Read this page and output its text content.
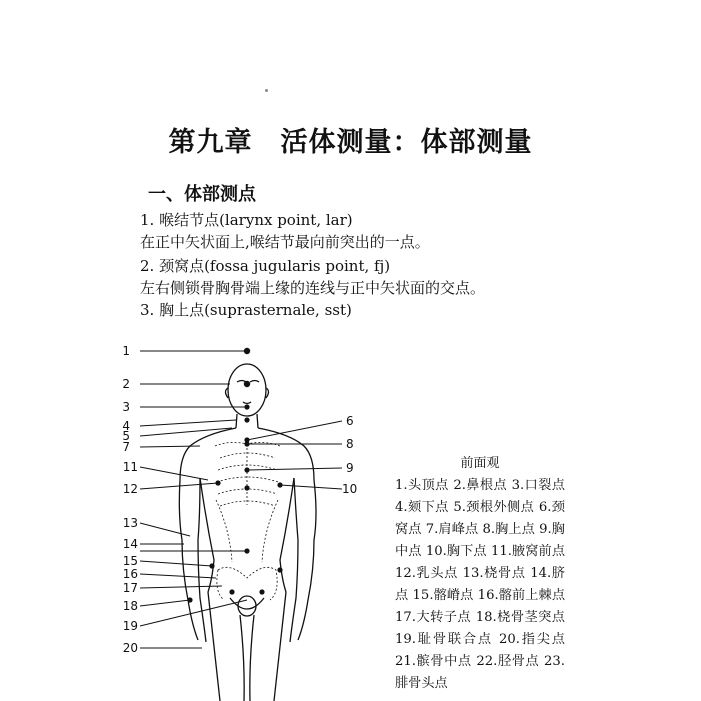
第九章　活体测量：体部测量
一、体部测点
1. 喉结节点(larynx point, lar)
在正中矢状面上,喉结节最向前突出的一点。
2. 颈窝点(fossa jugularis point, fj)
左右侧锁骨胸骨端上缘的连线与正中矢状面的交点。
3. 胸上点(suprasternale, sst)
1
2
3
4
5
7
11
12
13
14
15
16
17
18
19
20
6
8
9
10
前面观
1.头顶点 2.鼻根点 3.口裂点 4.颏下点 5.颈根外侧点 6.颈窝点 7.肩峰点 8.胸上点 9.胸中点 10.胸下点 11.腋窝前点 12.乳头点 13.桡骨点 14.脐点 15.髂嵴点 16.髂前上棘点 17.大转子点 18.桡骨茎突点 19.耻骨联合点 20.指尖点 21.髌骨中点 22.胫骨点 23.腓骨头点
